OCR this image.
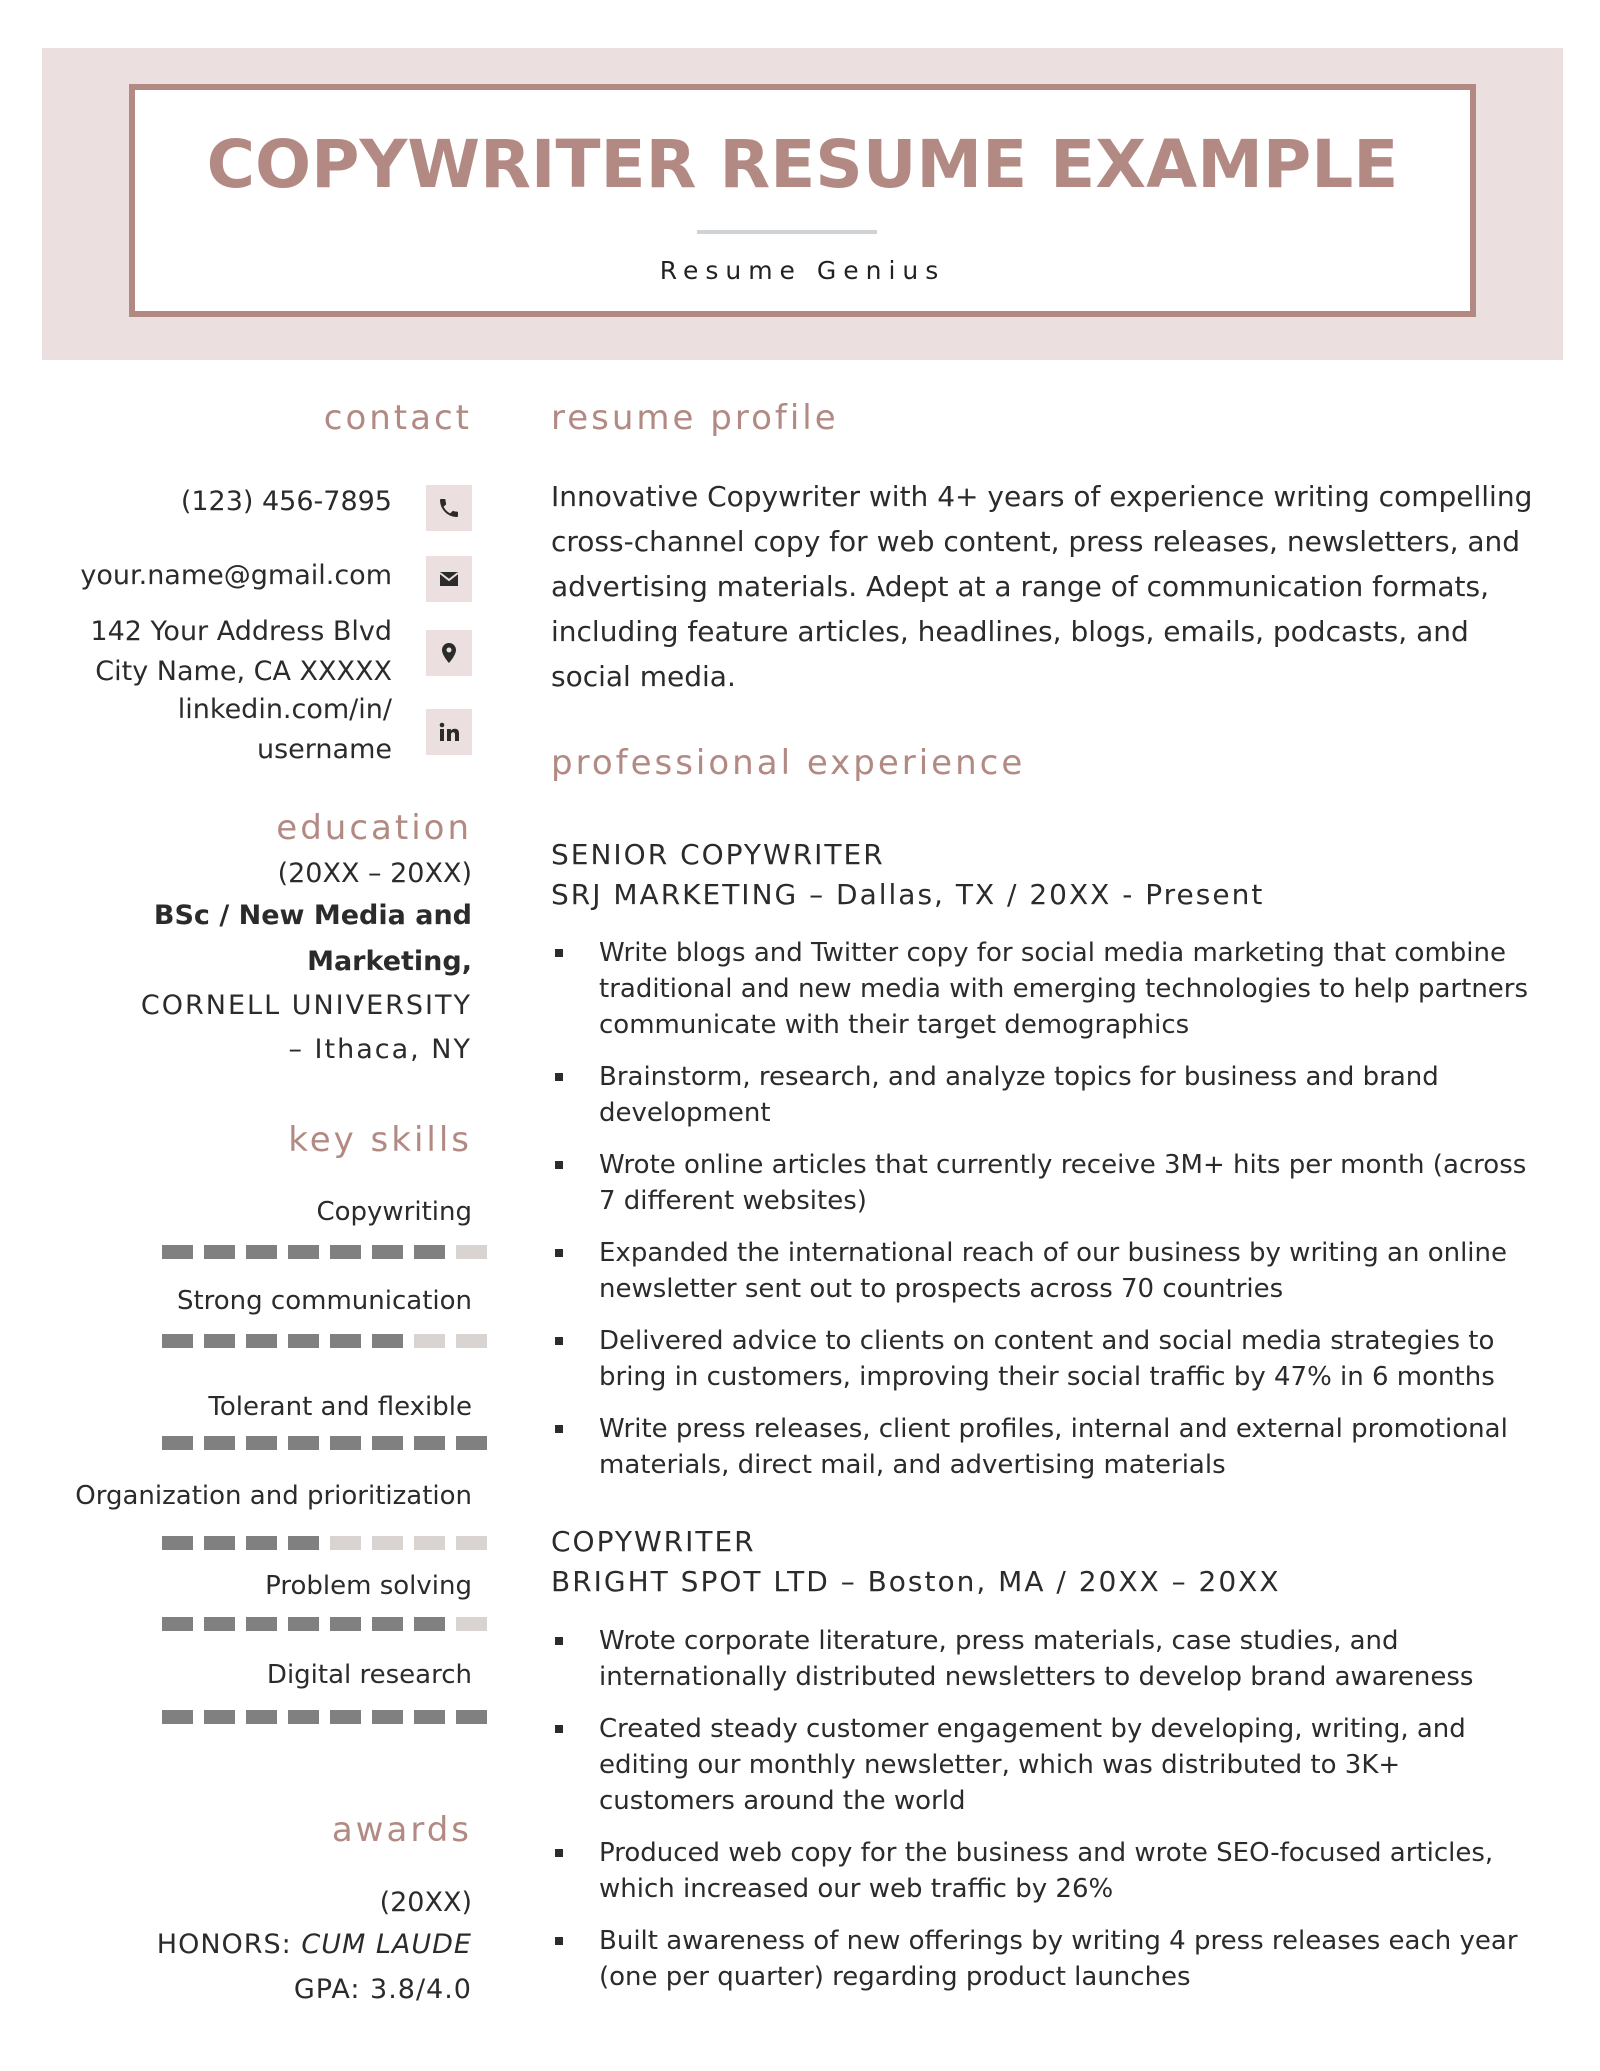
COPYWRITER RESUME EXAMPLE
Resume Genius
contact
(123) 456-7895
your.name@gmail.com
142 Your Address Blvd
City Name, CA XXXXX
linkedin.com/in/
username
education
(20XX – 20XX)
BSc / New Media and
Marketing,
CORNELL UNIVERSITY
– Ithaca, NY
key skills
Copywriting
Strong communication
Tolerant and flexible
Organization and prioritization
Problem solving
Digital research
awards
(20XX)
HONORS: CUM LAUDE
GPA: 3.8/4.0
resume profile
Innovative Copywriter with 4+ years of experience writing compelling cross-channel copy for web content, press releases, newsletters, and advertising materials. Adept at a range of communication formats, including feature articles, headlines, blogs, emails, podcasts, and social media.
professional experience
SENIOR COPYWRITER
SRJ MARKETING – Dallas, TX / 20XX - Present
Write blogs and Twitter copy for social media marketing that combine traditional and new media with emerging technologies to help partners communicate with their target demographics
Brainstorm, research, and analyze topics for business and brand development
Wrote online articles that currently receive 3M+ hits per month (across 7 different websites)
Expanded the international reach of our business by writing an online newsletter sent out to prospects across 70 countries
Delivered advice to clients on content and social media strategies to bring in customers, improving their social traffic by 47% in 6 months
Write press releases, client profiles, internal and external promotional materials, direct mail, and advertising materials
COPYWRITER
BRIGHT SPOT LTD – Boston, MA / 20XX – 20XX
Wrote corporate literature, press materials, case studies, and internationally distributed newsletters to develop brand awareness
Created steady customer engagement by developing, writing, and editing our monthly newsletter, which was distributed to 3K+ customers around the world
Produced web copy for the business and wrote SEO-focused articles, which increased our web traffic by 26%
Built awareness of new offerings by writing 4 press releases each year (one per quarter) regarding product launches
